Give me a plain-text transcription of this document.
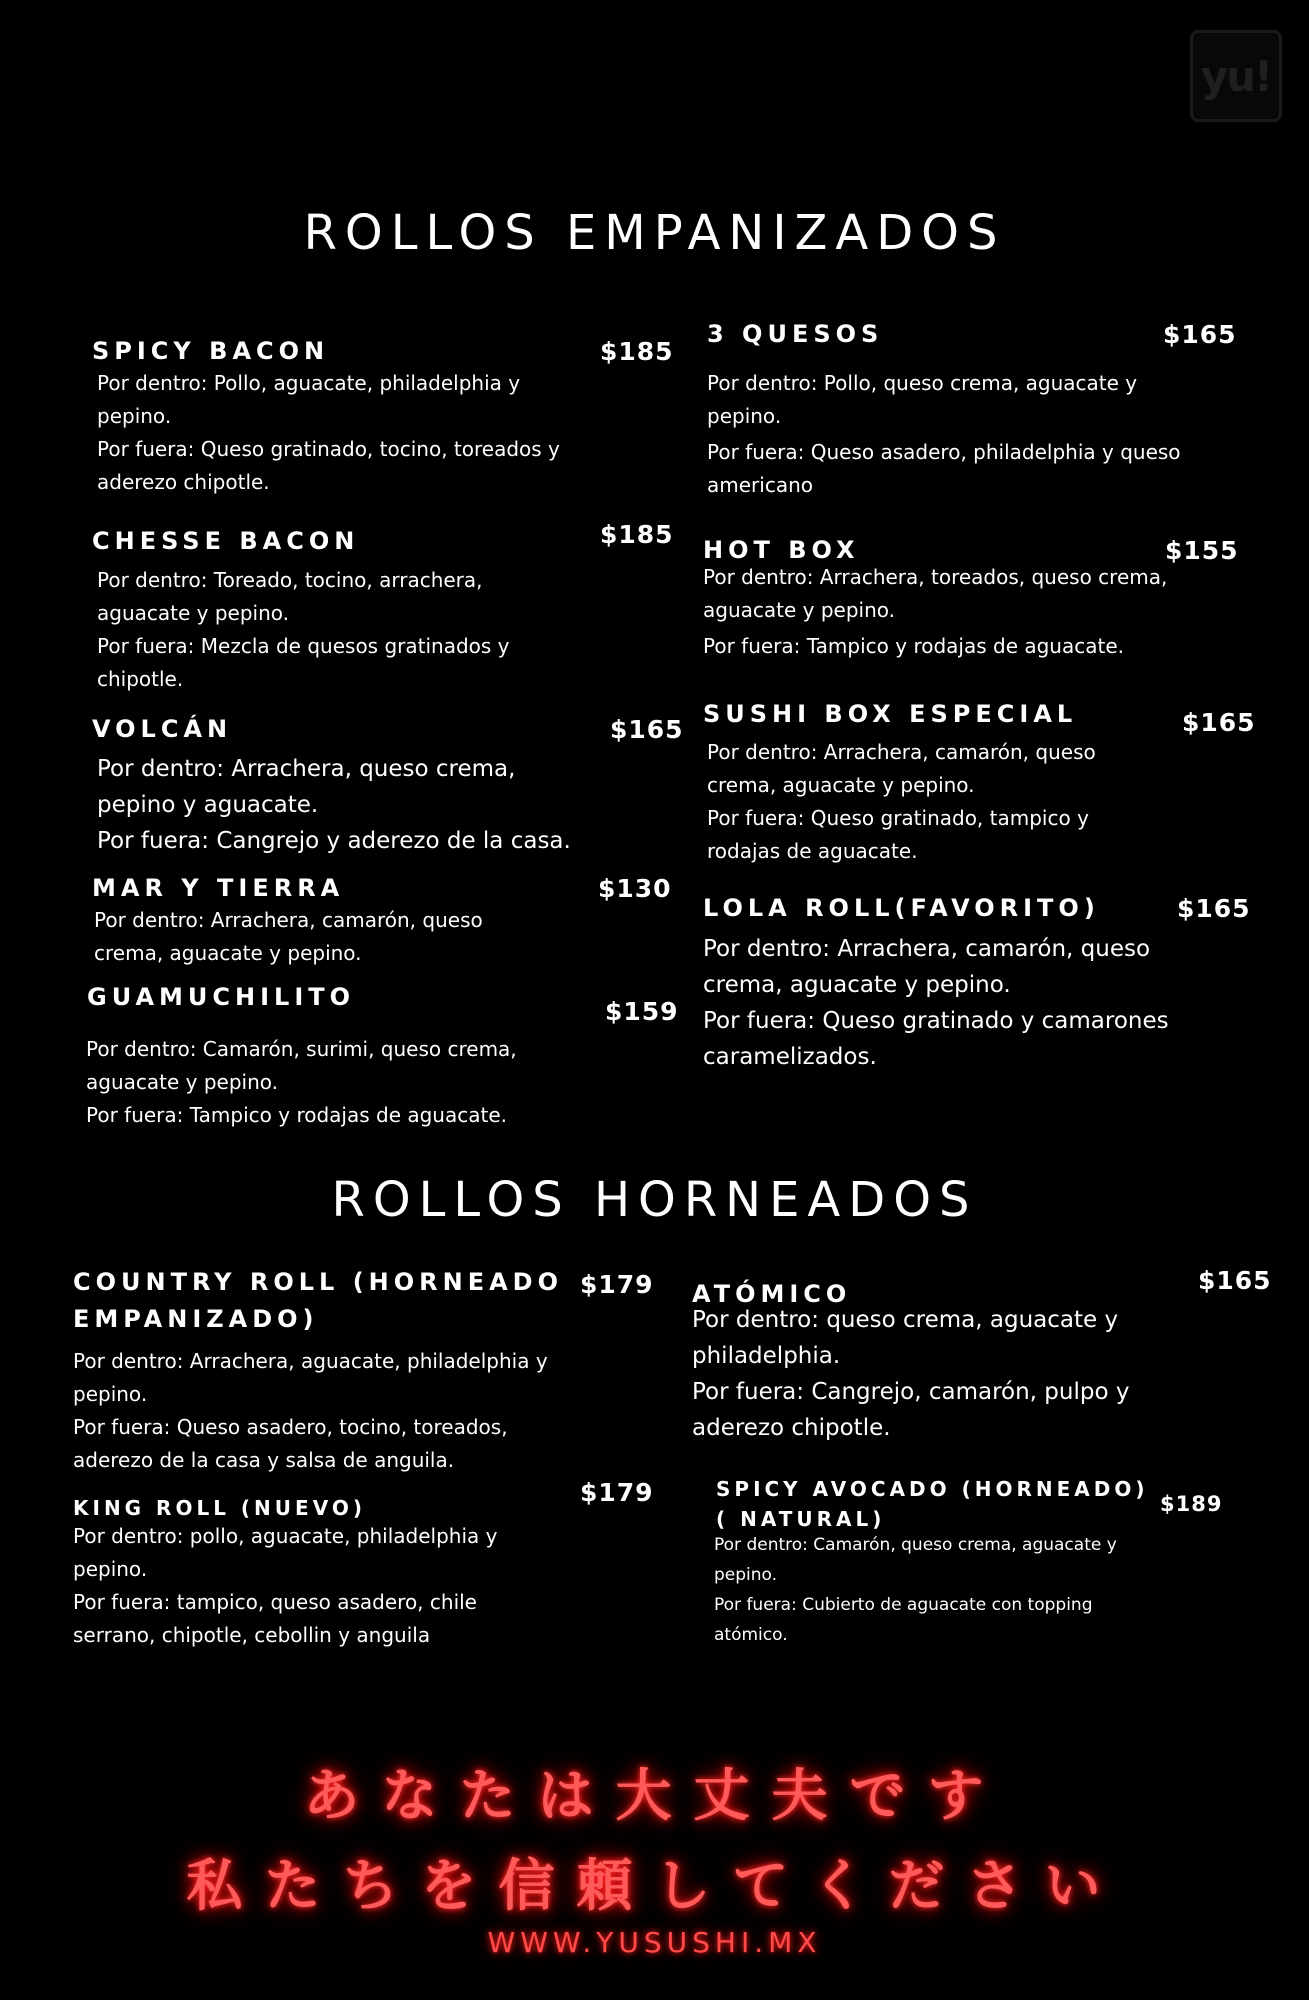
yu!
ROLLOS EMPANIZADOS
SPICY BACON	$185

Por dentro: Pollo, aguacate, philadelphia y pepino.

Por fuera: Queso gratinado, tocino, toreados y aderezo chipotle.

3 QUESOS	$165

Por dentro: Pollo, queso crema, aguacate y pepino.

Por fuera: Queso asadero, philadelphia y queso americano

CHESSE BACON	$185

Por dentro: Toreado, tocino, arrachera, aguacate y pepino.

Por fuera: Mezcla de quesos gratinados y chipotle.

HOT BOX	$155

Por dentro: Arrachera, toreados, queso crema, aguacate y pepino.

Por fuera: Tampico y rodajas de aguacate.

VOLCÁN	$165

Por dentro: Arrachera, queso crema, pepino y aguacate.

Por fuera: Cangrejo y aderezo de la casa.

SUSHI BOX ESPECIAL	$165

Por dentro: Arrachera, camarón, queso crema, aguacate y pepino.

Por fuera: Queso gratinado, tampico y rodajas de aguacate.

MAR Y TIERRA	$130

Por dentro: Arrachera, camarón, queso crema, aguacate y pepino.

LOLA ROLL(FAVORITO)	$165

Por dentro: Arrachera, camarón, queso crema, aguacate y pepino.

Por fuera: Queso gratinado y camarones caramelizados.

GUAMUCHILITO	$159

Por dentro: Camarón, surimi, queso crema, aguacate y pepino.

Por fuera: Tampico y rodajas de aguacate.

ROLLOS HORNEADOS
COUNTRY ROLL (HORNEADO EMPANIZADO)
$179

Por dentro: Arrachera, aguacate, philadelphia y pepino.

Por fuera: Queso asadero, tocino, toreados, aderezo de la casa y salsa de anguila.

ATÓMICO	$165

Por dentro: queso crema, aguacate y philadelphia.

Por fuera: Cangrejo, camarón, pulpo y aderezo chipotle.

KING ROLL (NUEVO)
$179

Por dentro: pollo, aguacate, philadelphia y pepino.

Por fuera: tampico, queso asadero, chile serrano, chipotle, cebollin y anguila

SPICY AVOCADO (HORNEADO) ( NATURAL)
$189

Por dentro: Camarón, queso crema, aguacate y pepino.

Por fuera: Cubierto de aguacate con topping atómico.

あなたは大丈夫です

私たちを信頼してください

WWW.YUSUSHI.MX
